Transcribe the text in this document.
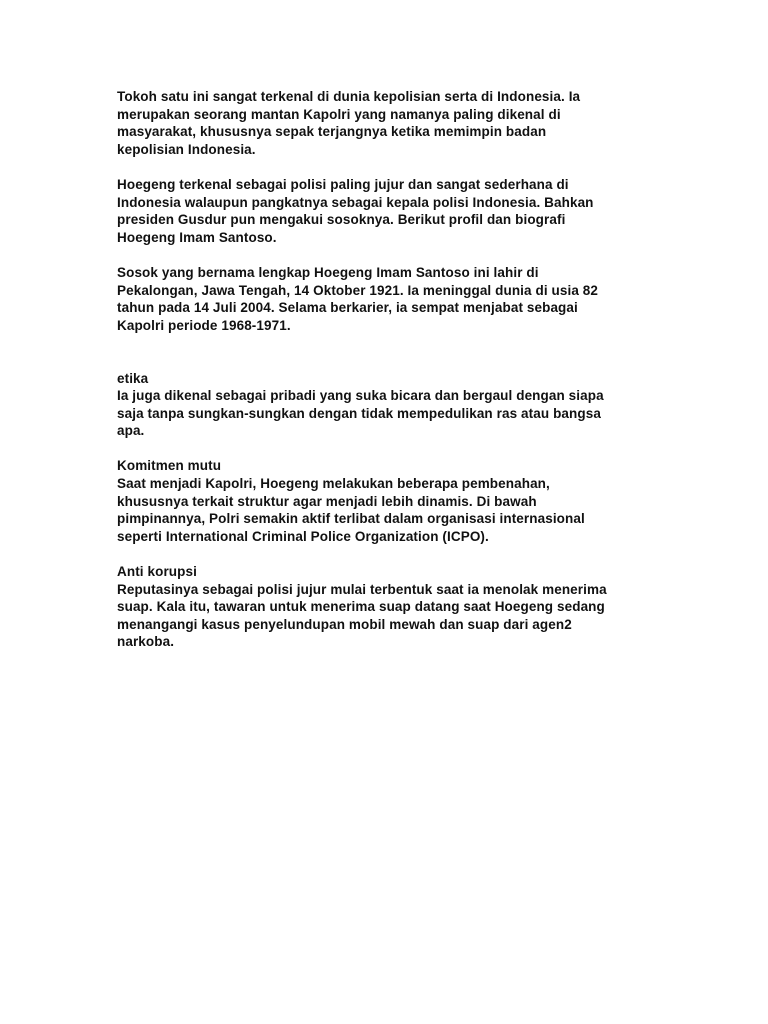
Tokoh satu ini sangat terkenal di dunia kepolisian serta di Indonesia. Ia
merupakan seorang mantan Kapolri yang namanya paling dikenal di
masyarakat, khususnya sepak terjangnya ketika memimpin badan
kepolisian Indonesia.
Hoegeng terkenal sebagai polisi paling jujur dan sangat sederhana di
Indonesia walaupun pangkatnya sebagai kepala polisi Indonesia. Bahkan
presiden Gusdur pun mengakui sosoknya. Berikut profil dan biografi
Hoegeng Imam Santoso.
Sosok yang bernama lengkap Hoegeng Imam Santoso ini lahir di
Pekalongan, Jawa Tengah, 14 Oktober 1921. Ia meninggal dunia di usia 82
tahun pada 14 Juli 2004. Selama berkarier, ia sempat menjabat sebagai
Kapolri periode 1968-1971.
etika
Ia juga dikenal sebagai pribadi yang suka bicara dan bergaul dengan siapa
saja tanpa sungkan-sungkan dengan tidak mempedulikan ras atau bangsa
apa.
Komitmen mutu
Saat menjadi Kapolri, Hoegeng melakukan beberapa pembenahan,
khususnya terkait struktur agar menjadi lebih dinamis. Di bawah
pimpinannya, Polri semakin aktif terlibat dalam organisasi internasional
seperti International Criminal Police Organization (ICPO).
Anti korupsi
Reputasinya sebagai polisi jujur mulai terbentuk saat ia menolak menerima
suap. Kala itu, tawaran untuk menerima suap datang saat Hoegeng sedang
menangangi kasus penyelundupan mobil mewah dan suap dari agen2
narkoba.
